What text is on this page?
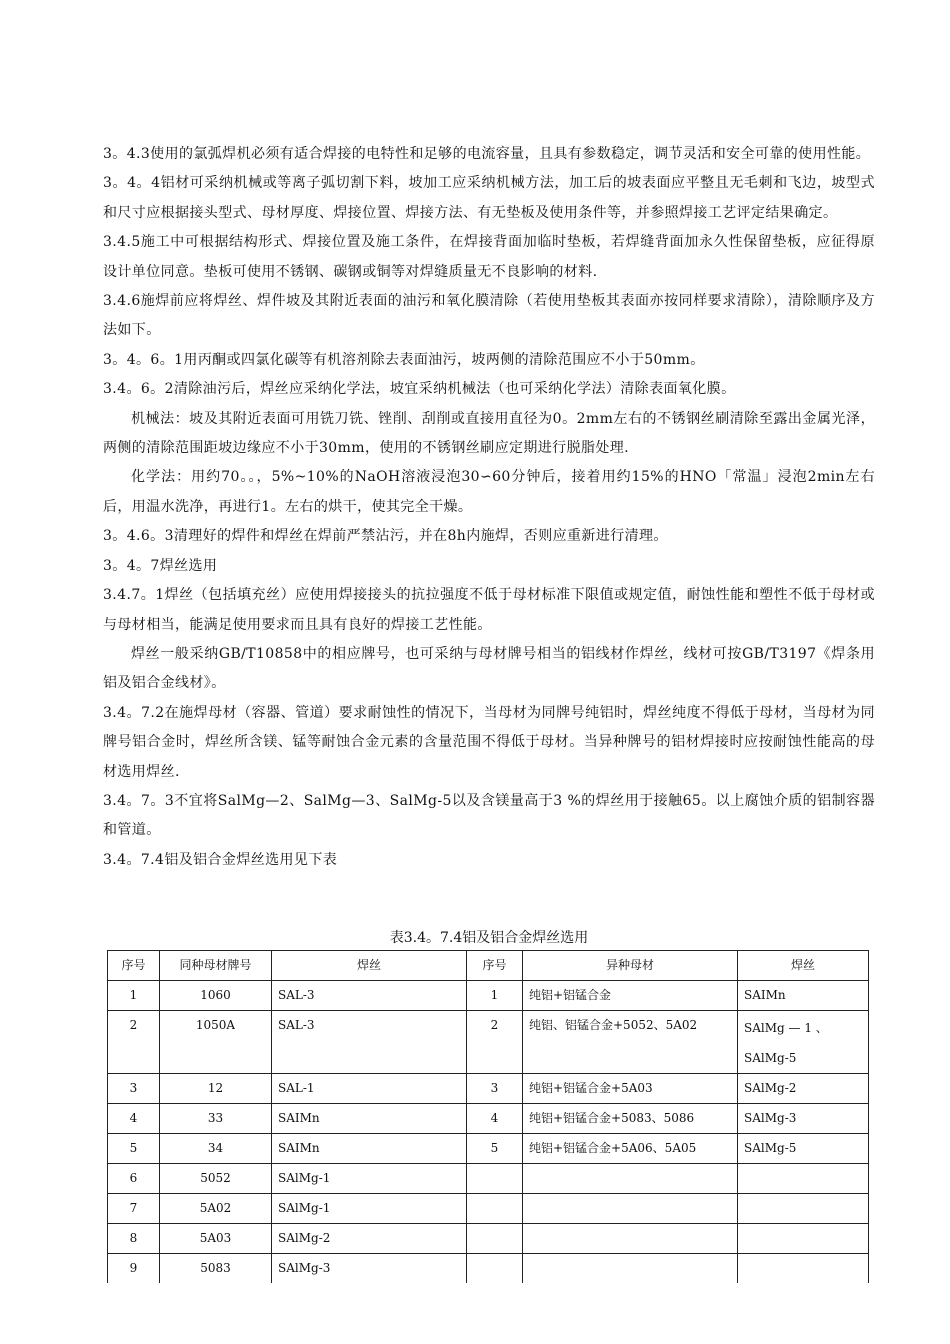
3。4.3使用的氯弧焊机必须有适合焊接的电特性和足够的电流容量，且具有参数稳定，调节灵活和安全可靠的使用性能。

3。4。4铝材可采纳机械或等离子弧切割下料，坡加工应采纳机械方法，加工后的坡表面应平整且无毛刺和飞边，坡型式和尺寸应根据接头型式、母材厚度、焊接位置、焊接方法、有无垫板及使用条件等，并参照焊接工艺评定结果确定。

3.4.5施工中可根据结构形式、焊接位置及施工条件，在焊接背面加临时垫板，若焊缝背面加永久性保留垫板，应征得原设计单位同意。垫板可使用不锈钢、碳钢或铜等对焊缝质量无不良影响的材料.

3.4.6施焊前应将焊丝、焊件坡及其附近表面的油污和氧化膜清除（若使用垫板其表面亦按同样要求清除），清除顺序及方法如下。

3。4。6。1用丙酮或四氯化碳等有机溶剂除去表面油污，坡两侧的清除范围应不小于50mm。

3.4。6。2清除油污后，焊丝应采纳化学法，坡宜采纳机械法（也可采纳化学法）清除表面氧化膜。

机械法：坡及其附近表面可用铣刀铣、锉削、刮削或直接用直径为0。2mm左右的不锈钢丝刷清除至露出金属光泽，两侧的清除范围距坡边缘应不小于30mm，使用的不锈钢丝刷应定期进行脱脂处理.

化学法：用约70。。，5%~10%的NaOH溶液浸泡30∽60分钟后，接着用约15%的HNO「常温」浸泡2min左右后，用温水洗净，再进行1。左右的烘干，使其完全干燥。

3。4.6。3清理好的焊件和焊丝在焊前严禁沾污，并在8h内施焊，否则应重新进行清理。

3。4。7焊丝选用

3.4.7。1焊丝（包括填充丝）应使用焊接接头的抗拉强度不低于母材标准下限值或规定值，耐蚀性能和塑性不低于母材或与母材相当，能满足使用要求而且具有良好的焊接工艺性能。

焊丝一般采纳GB/T10858中的相应牌号，也可采纳与母材牌号相当的铝线材作焊丝，线材可按GB/T3197《焊条用铝及铝合金线材》。

3.4。7.2在施焊母材（容器、管道）要求耐蚀性的情况下，当母材为同牌号纯铝时，焊丝纯度不得低于母材，当母材为同牌号铝合金时，焊丝所含镁、锰等耐蚀合金元素的含量范围不得低于母材。当异种牌号的铝材焊接时应按耐蚀性能高的母材选用焊丝.

3.4。7。3不宜将SalMg—2、SalMg—3、SalMg-5以及含镁量高于3 %的焊丝用于接触65。以上腐蚀介质的铝制容器和管道。

3.4。7.4铝及铝合金焊丝选用见下表

表3.4。7.4铝及铝合金焊丝选用
序号	同种母材牌号	焊丝	序号	异种母材	焊丝
1	1060	SAL-3	1	纯铝+铝锰合金	SAIMn
2	1050A	SAL-3	2	纯铝、铝锰合金+5052、5A02	SAlMg — 1 、
SAlMg-5
3	12	SAL-1	3	纯铝+铝锰合金+5A03	SAlMg-2
4	33	SAIMn	4	纯铝+铝锰合金+5083、5086	SAlMg-3
5	34	SAIMn	5	纯铝+铝锰合金+5A06、5A05	SAlMg-5
6	5052	SAlMg-1			
7	5A02	SAlMg-1			
8	5A03	SAlMg-2			
9	5083	SAlMg-3			
